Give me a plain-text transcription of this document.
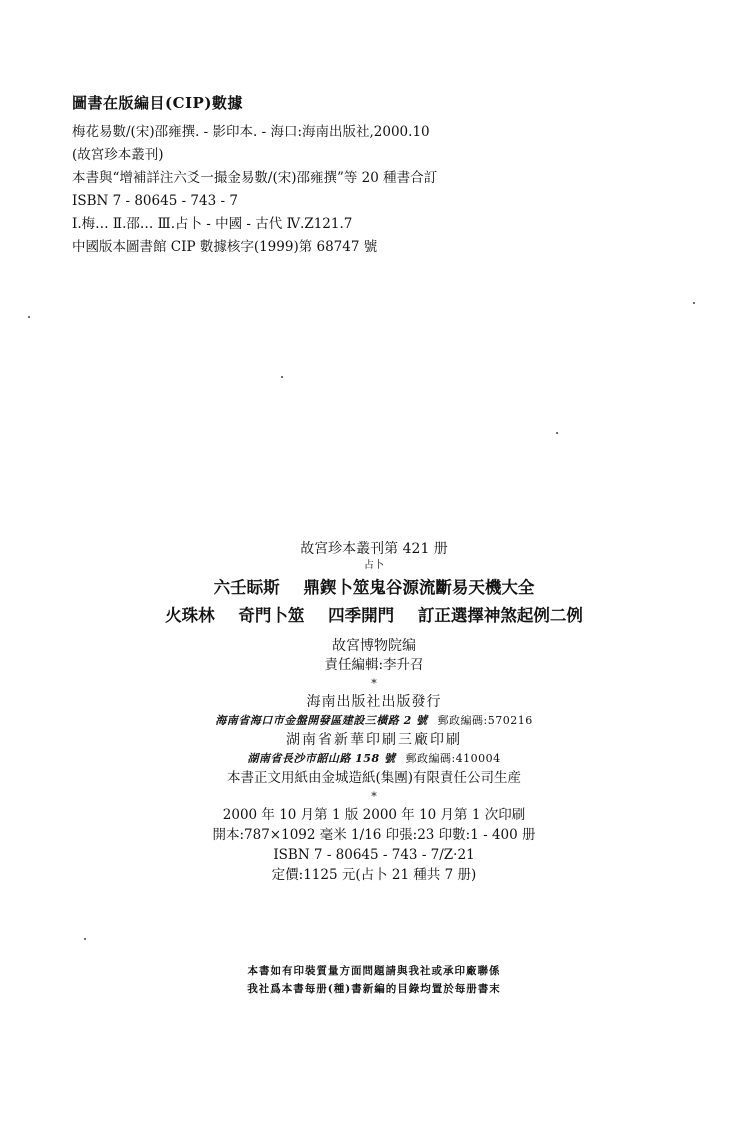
圖書在版編目(CIP)數據
梅花易數/(宋)邵雍撰. - 影印本. - 海口:海南出版社,2000.10
(故宮珍本叢刊)
本書與“增補詳注六爻一撮金易數/(宋)邵雍撰”等 20 種書合訂
ISBN 7 - 80645 - 743 - 7
Ⅰ.梅… Ⅱ.邵… Ⅲ.占卜 - 中國 - 古代 Ⅳ.Z121.7
中國版本圖書館 CIP 數據核字(1999)第 68747 號
故宮珍本叢刊第 421 册
占卜
六壬眎斯 鼎鍥卜筮鬼谷源流斷易天機大全
火珠林 奇門卜筮 四季開門 訂正選擇神煞起例二例
故宮博物院编
責任編輯:李升召
*
海南出版社出版發行
海南省海口市金盤開發區建設三橫路 2 號 郵政編碼:570216
湖南省新華印刷三廠印刷
湖南省長沙市韶山路 158 號 郵政編碼:410004
本書正文用紙由金城造紙(集團)有限責任公司生産
*
2000 年 10 月第 1 版 2000 年 10 月第 1 次印刷
開本:787×1092 毫米 1/16 印張:23 印數:1 - 400 册
ISBN 7 - 80645 - 743 - 7/Z·21
定價:1125 元(占卜 21 種共 7 册)
本書如有印裝質量方面問題請與我社或承印廠聯係
我社爲本書每册(種)書新編的目錄均置於每册書末
